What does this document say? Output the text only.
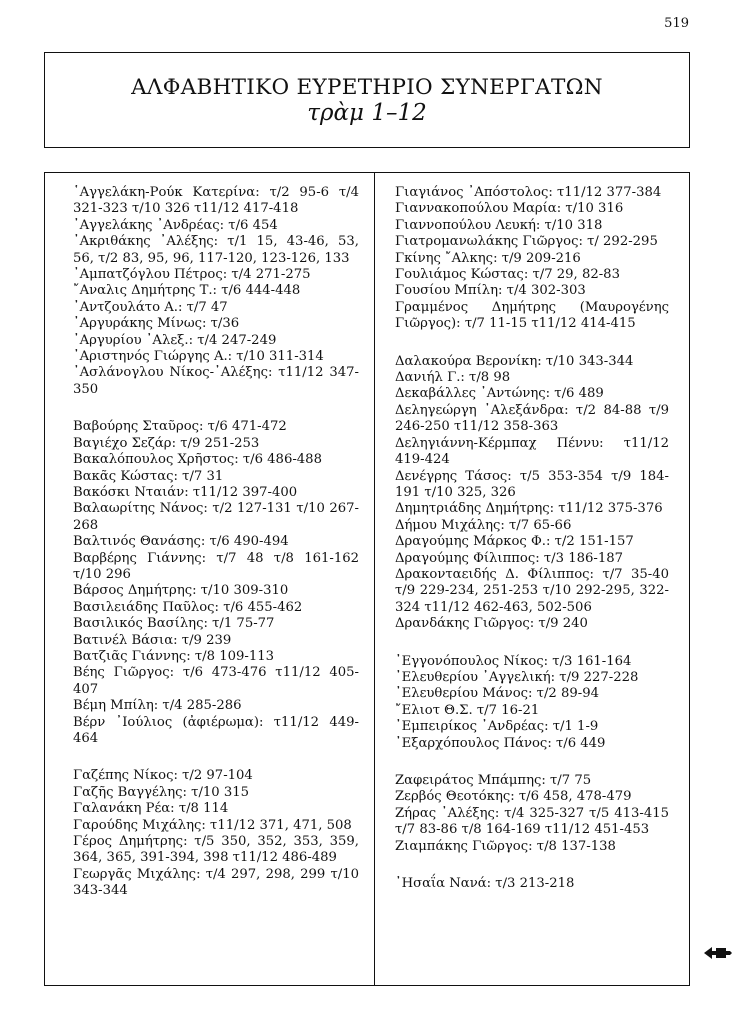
519
ΑΛΦΑΒΗΤΙΚΟ ΕΥΡΕΤΗΡΙΟ ΣΥΝΕΡΓΑΤΩΝ
τρὰμ 1–12
῾Αγγελάκη-Ρούκ Κατερίνα: τ/2 95-6 τ/4 321-323 τ/10 326 τ11/12 417-418
᾿Αγγελάκης ᾿Ανδρέας: τ/6 454
᾿Ακριθάκης ᾿Αλέξης: τ/1 15, 43-46, 53, 56, τ/2 83, 95, 96, 117-120, 123-126, 133
᾿Αμπατζόγλου Πέτρος: τ/4 271-275
῎Αναλις Δημήτρης Τ.: τ/6 444-448
᾿Αντζουλάτο Α.: τ/7 47
᾿Αργυράκης Μίνως: τ/36
᾿Αργυρίου ᾿Αλεξ.: τ/4 247-249
᾿Αριστηνός Γιώργης Α.: τ/10 311-314
᾿Ασλάνογλου Νίκος-᾿Αλέξης: τ11/12 347-350
Βαβούρης Σταῦρος: τ/6 471-472
Βαγιέχο Σεζάρ: τ/9 251-253
Βακαλόπουλος Χρῆστος: τ/6 486-488
Βακᾶς Κώστας: τ/7 31
Βακόσκι Νταιάν: τ11/12 397-400
Βαλαωρίτης Νάνος: τ/2 127-131 τ/10 267-268
Βαλτινός Θανάσης: τ/6 490-494
Βαρβέρης Γιάννης: τ/7 48 τ/8 161-162 τ/10 296
Βάρσος Δημήτρης: τ/10 309-310
Βασιλειάδης Παῦλος: τ/6 455-462
Βασιλικός Βασίλης: τ/1 75-77
Βατινέλ Βάσια: τ/9 239
Βατζιᾶς Γιάννης: τ/8 109-113
Βέης Γιῶργος: τ/6 473-476 τ11/12 405-407
Βέμη Μπίλη: τ/4 285-286
Βέρν ᾿Ιούλιος (ἀφιέρωμα): τ11/12 449-464
Γαζέπης Νίκος: τ/2 97-104
Γαζῆς Βαγγέλης: τ/10 315
Γαλανάκη Ρέα: τ/8 114
Γαρούδης Μιχάλης: τ11/12 371, 471, 508
Γέρος Δημήτρης: τ/5 350, 352, 353, 359, 364, 365, 391-394, 398 τ11/12 486-489
Γεωργᾶς Μιχάλης: τ/4 297, 298, 299 τ/10 343-344
Γιαγιάνος ᾿Απόστολος: τ11/12 377-384
Γιαννακοπούλου Μαρία: τ/10 316
Γιαννοπούλου Λευκή: τ/10 318
Γιατρομανωλάκης Γιῶργος: τ/ 292-295
Γκίνης ῎Αλκης: τ/9 209-216
Γουλιάμος Κώστας: τ/7 29, 82-83
Γουσίου Μπίλη: τ/4 302-303
Γραμμένος Δημήτρης (Μαυρογένης Γιῶργος): τ/7 11-15 τ11/12 414-415
Δαλακούρα Βερονίκη: τ/10 343-344
Δανιήλ Γ.: τ/8 98
Δεκαβάλλες ᾿Αντώνης: τ/6 489
Δεληγεώργη ᾿Αλεξάνδρα: τ/2 84-88 τ/9 246-250 τ11/12 358-363
Δεληγιάννη-Κέρμπαχ Πέννυ: τ11/12 419-424
Δενέγρης Τάσος: τ/5 353-354 τ/9 184-191 τ/10 325, 326
Δημητριάδης Δημήτρης: τ11/12 375-376
Δήμου Μιχάλης: τ/7 65-66
Δραγούμης Μάρκος Φ.: τ/2 151-157
Δραγούμης Φίλιππος: τ/3 186-187
Δρακονταειδής Δ. Φίλιππος: τ/7 35-40 τ/9 229-234, 251-253 τ/10 292-295, 322-324 τ11/12 462-463, 502-506
Δρανδάκης Γιῶργος: τ/9 240
᾿Εγγονόπουλος Νίκος: τ/3 161-164
᾿Ελευθερίου ᾿Αγγελική: τ/9 227-228
᾿Ελευθερίου Μάνος: τ/2 89-94
῎Ελιοτ Θ.Σ. τ/7 16-21
᾿Εμπειρίκος ᾿Ανδρέας: τ/1 1-9
᾿Εξαρχόπουλος Πάνος: τ/6 449
Ζαφειράτος Μπάμπης: τ/7 75
Ζερβός Θεοτόκης: τ/6 458, 478-479
Ζήρας ᾿Αλέξης: τ/4 325-327 τ/5 413-415 τ/7 83-86 τ/8 164-169 τ11/12 451-453
Ζιαμπάκης Γιῶργος: τ/8 137-138
᾿Ησαΐα Νανά: τ/3 213-218
